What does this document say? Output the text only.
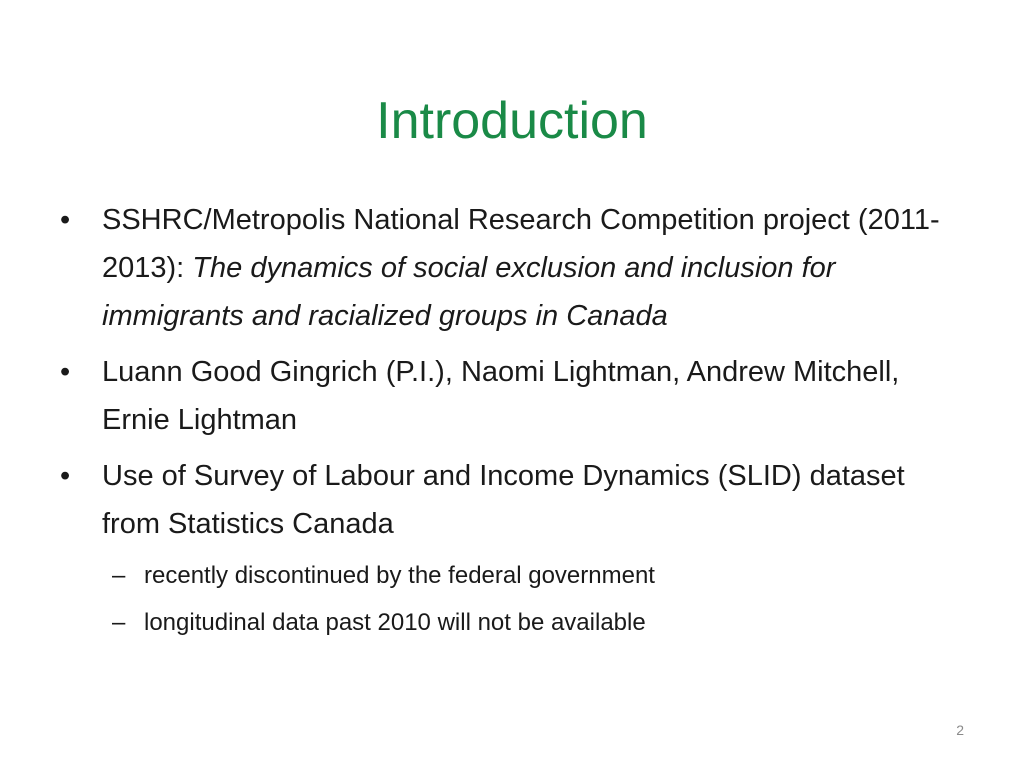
Introduction
•	SSHRC/Metropolis National Research Competition project (2011-2013): The dynamics of social exclusion and inclusion for immigrants and racialized groups in Canada
•	Luann Good Gingrich (P.I.), Naomi Lightman, Andrew Mitchell, Ernie Lightman
•	Use of Survey of Labour and Income Dynamics (SLID) dataset from Statistics Canada
– recently discontinued by the federal government
– longitudinal data past 2010 will not be available
2
